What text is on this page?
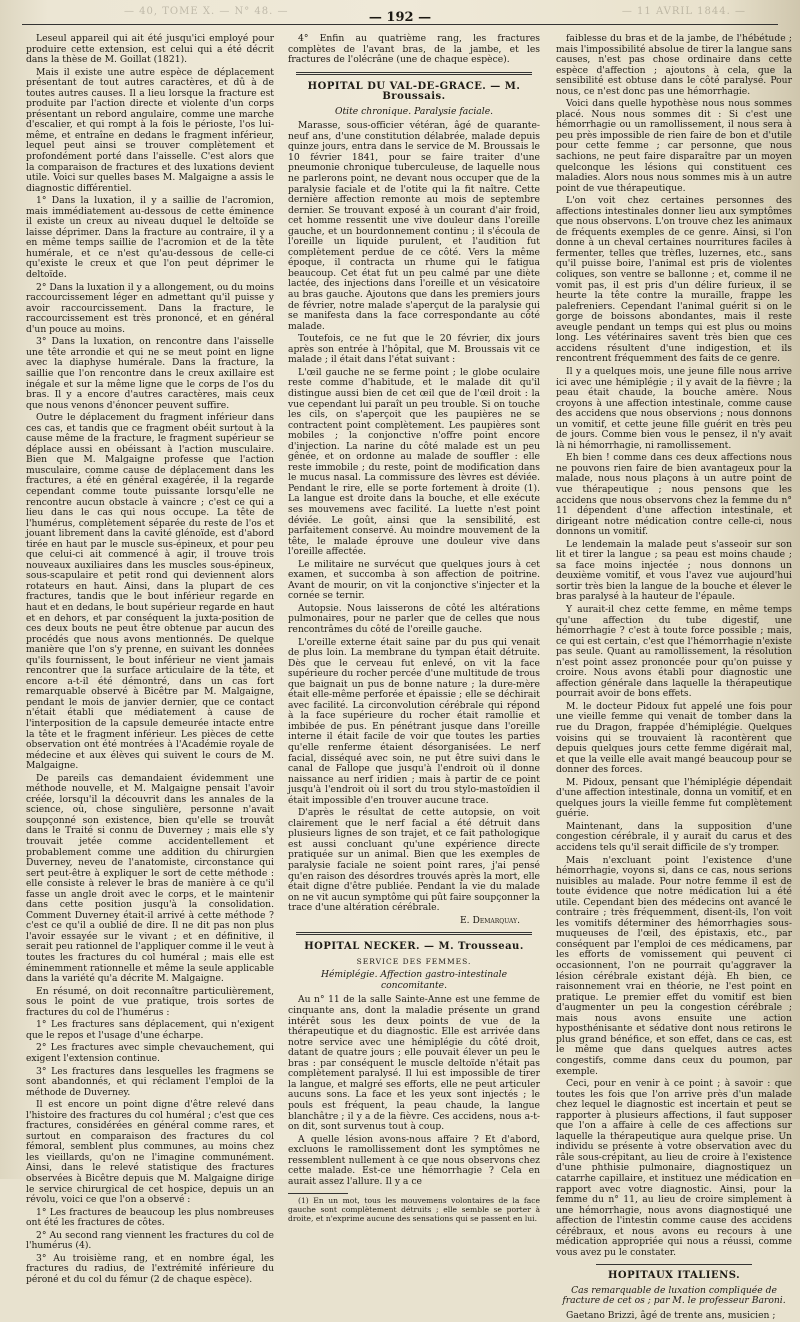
— 40, TOME X. — N° 48. —	— 192 —	— 11 AVRIL 1844. —

Leseul appareil qui ait été jusqu'ici employé pour produire cette extension, est celui qui a été décrit dans la thèse de M. Goillat (1821).

Mais il existe une autre espèce de déplacement présentant de tout autres caractères, et dû à de toutes autres causes. Il a lieu lorsque la fracture est produite par l'action directe et violente d'un corps présentant un rebord angulaire, comme une marche d'escalier, et qui rompt à la fois le périoste, l'os lui-même, et entraîne en dedans le fragment inférieur, lequel peut ainsi se trouver complètement et profondément porté dans l'aisselle. C'est alors que la comparaison de fractures et des luxations devient utile. Voici sur quelles bases M. Malgaigne a assis le diagnostic différentiel.

1° Dans la luxation, il y a saillie de l'acromion, mais immédiatement au-dessous de cette éminence il existe un creux au niveau duquel le deltoïde se laisse déprimer. Dans la fracture au contraire, il y a en même temps saillie de l'acromion et de la tête humérale, et ce n'est qu'au-dessous de celle-ci qu'existe le creux et que l'on peut déprimer le deltoïde.

2° Dans la luxation il y a allongement, ou du moins raccourcissement léger en admettant qu'il puisse y avoir raccourcissement. Dans la fracture, le raccourcissement est très prononcé, et en général d'un pouce au moins.

3° Dans la luxation, on rencontre dans l'aisselle une tête arrondie et qui ne se meut point en ligne avec la diaphyse humérale. Dans la fracture, la saillie que l'on rencontre dans le creux axillaire est inégale et sur la même ligne que le corps de l'os du bras. Il y a encore d'autres caractères, mais ceux que nous venons d'énoncer peuvent suffire.

Outre le déplacement du fragment inférieur dans ces cas, et tandis que ce fragment obéit surtout à la cause même de la fracture, le fragment supérieur se déplace aussi en obéissant à l'action musculaire. Bien que M. Malgaigne professe que l'action musculaire, comme cause de déplacement dans les fractures, a été en général exagérée, il la regarde cependant comme toute puissante lorsqu'elle ne rencontre aucun obstacle à vaincre ; c'est ce qui a lieu dans le cas qui nous occupe. La tête de l'humérus, complètement séparée du reste de l'os et jouant librement dans la cavité glénoïde, est d'abord tirée en haut par le muscle sus-épineux, et pour peu que celui-ci ait commencé à agir, il trouve trois nouveaux auxiliaires dans les muscles sous-épineux, sous-scapulaire et petit rond qui deviennent alors rotateurs en haut. Ainsi, dans la plupart de ces fractures, tandis que le bout inférieur regarde en haut et en dedans, le bout supérieur regarde en haut et en dehors, et par conséquent la juxta-position de ces deux bouts ne peut être obtenue par aucun des procédés que nous avons mentionnés. De quelque manière que l'on s'y prenne, en suivant les données qu'ils fournissent, le bout inférieur ne vient jamais rencontrer que la surface articulaire de la tête, et encore a-t-il été démontré, dans un cas fort remarquable observé à Bicêtre par M. Malgaigne, pendant le mois de janvier dernier, que ce contact n'était établi que médiatement à cause de l'interposition de la capsule demeurée intacte entre la tête et le fragment inférieur. Les pièces de cette observation ont été montrées à l'Académie royale de médecine et aux élèves qui suivent le cours de M. Malgaigne.

De pareils cas demandaient évidemment une méthode nouvelle, et M. Malgaigne pensait l'avoir créée, lorsqu'il la découvrit dans les annales de la science, où, chose singulière, personne n'avait soupçonné son existence, bien qu'elle se trouvât dans le Traité si connu de Duverney ; mais elle s'y trouvait jetée comme accidentellement et probablement comme une addition du chirurgien Duverney, neveu de l'anatomiste, circonstance qui sert peut-être à expliquer le sort de cette méthode : elle consiste à relever le bras de manière à ce qu'il fasse un angle droit avec le corps, et le maintenir dans cette position jusqu'à la consolidation. Comment Duverney était-il arrivé à cette méthode ? c'est ce qu'il a oublié de dire. Il ne dit pas non plus l'avoir essayée sur le vivant ; et en définitive, il serait peu rationnel de l'appliquer comme il le veut à toutes les fractures du col huméral ; mais elle est éminemment rationnelle et même la seule applicable dans la variété qu'a décrite M. Malgaigne.

En résumé, on doit reconnaître particulièrement, sous le point de vue pratique, trois sortes de fractures du col de l'humérus :

1° Les fractures sans déplacement, qui n'exigent que le repos et l'usage d'une écharpe.

2° Les fractures avec simple chevauchement, qui exigent l'extension continue.

3° Les fractures dans lesquelles les fragmens se sont abandonnés, et qui réclament l'emploi de la méthode de Duverney.

Il est encore un point digne d'être relevé dans l'histoire des fractures du col huméral ; c'est que ces fractures, considérées en général comme rares, et surtout en comparaison des fractures du col fémoral, semblent plus communes, au moins chez les vieillards, qu'on ne l'imagine communément. Ainsi, dans le relevé statistique des fractures observées à Bicêtre depuis que M. Malgaigne dirige le service chirurgical de cet hospice, depuis un an révolu, voici ce que l'on a observé :

1° Les fractures de beaucoup les plus nombreuses ont été les fractures de côtes.

2° Au second rang viennent les fractures du col de l'humérus (4).

3° Au troisième rang, et en nombre égal, les fractures du radius, de l'extrémité inférieure du péroné et du col du fémur (2 de chaque espèce).

4° Enfin au quatrième rang, les fractures complètes de l'avant bras, de la jambe, et les fractures de l'olécrâne (une de chaque espèce).

HOPITAL DU VAL-DE-GRACE. — M. Broussais.
Otite chronique. Paralysie faciale.

Marasse, sous-officier vétéran, âgé de quarante-neuf ans, d'une constitution délabrée, malade depuis quinze jours, entra dans le service de M. Broussais le 10 février 1841, pour se faire traiter d'une pneumonie chronique tuberculeuse, de laquelle nous ne parlerons point, ne devant nous occuper que de la paralysie faciale et de l'otite qui la fit naître. Cette dernière affection remonte au mois de septembre dernier. Se trouvant exposé à un courant d'air froid, cet homme ressentit une vive douleur dans l'oreille gauche, et un bourdonnement continu ; il s'écoula de l'oreille un liquide purulent, et l'audition fut complètement perdue de ce côté. Vers la même époque, il contracta un rhume qui le fatigua beaucoup. Cet état fut un peu calmé par une diète lactée, des injections dans l'oreille et un vésicatoire au bras gauche. Ajoutons que dans les premiers jours de février, notre malade s'aperçut de la paralysie qui se manifesta dans la face correspondante au côté malade.

Toutefois, ce ne fut que le 20 février, dix jours après son entrée à l'hôpital, que M. Broussais vit ce malade ; il était dans l'état suivant :

L'œil gauche ne se ferme point ; le globe oculaire reste comme d'habitude, et le malade dit qu'il distingue aussi bien de cet œil que de l'œil droit : la vue cependant lui paraît un peu trouble. Si on touche les cils, on s'aperçoit que les paupières ne se contractent point complètement. Les paupières sont mobiles ; la conjonctive n'offre point encore d'injection. La narine du côté malade est un peu gênée, et on ordonne au malade de souffler : elle reste immobile ; du reste, point de modification dans le mucus nasal. La commissure des lèvres est déviée. Pendant le rire, elle se porte fortement à droite (1). La langue est droite dans la bouche, et elle exécute ses mouvemens avec facilité. La luette n'est point déviée. Le goût, ainsi que la sensibilité, est parfaitement conservé. Au moindre mouvement de la tête, le malade éprouve une douleur vive dans l'oreille affectée.

Le militaire ne survécut que quelques jours à cet examen, et succomba à son affection de poitrine. Avant de mourir, on vit la conjonctive s'injecter et la cornée se ternir.

Autopsie. Nous laisserons de côté les altérations pulmonaires, pour ne parler que de celles que nous rencontrâmes du côté de l'oreille gauche.

L'oreille externe était saine par du pus qui venait de plus loin. La membrane du tympan était détruite. Dès que le cerveau fut enlevé, on vit la face supérieure du rocher percée d'une multitude de trous que baignait un pus de bonne nature ; la dure-mère était elle-même perforée et épaissie ; elle se déchirait avec facilité. La circonvolution cérébrale qui répond à la face supérieure du rocher était ramollie et imbibée de pus. En pénétrant jusque dans l'oreille interne il était facile de voir que toutes les parties qu'elle renferme étaient désorganisées. Le nerf facial, disséqué avec soin, ne put être suivi dans le canal de Fallope que jusqu'à l'endroit où il donne naissance au nerf iridien ; mais à partir de ce point jusqu'à l'endroit où il sort du trou stylo-mastoïdien il était impossible d'en trouver aucune trace.

D'après le résultat de cette autopsie, on voit clairement que le nerf facial a été détruit dans plusieurs lignes de son trajet, et ce fait pathologique est aussi concluant qu'une expérience directe pratiquée sur un animal. Bien que les exemples de paralysie faciale ne soient point rares, j'ai pensé qu'en raison des désordres trouvés après la mort, elle était digne d'être publiée. Pendant la vie du malade on ne vit aucun symptôme qui pût faire soupçonner la trace d'une altération cérébrale.

E. Demarquay.
HOPITAL NECKER. — M. Trousseau.
SERVICE DES FEMMES.
Hémiplégie. Affection gastro-intestinale concomitante.

Au n° 11 de la salle Sainte-Anne est une femme de cinquante ans, dont la maladie présente un grand intérêt sous les deux points de vue de la thérapeutique et du diagnostic. Elle est arrivée dans notre service avec une hémiplégie du côté droit, datant de quatre jours ; elle pouvait élever un peu le bras : par conséquent le muscle deltoïde n'était pas complètement paralysé. Il lui est impossible de tirer la langue, et malgré ses efforts, elle ne peut articuler aucuns sons. La face et les yeux sont injectés ; le pouls est fréquent, la peau chaude, la langue blanchâtre ; il y a de la fièvre. Ces accidens, nous a-t-on dit, sont survenus tout à coup.

A quelle lésion avons-nous affaire ? Et d'abord, excluons le ramollissement dont les symptômes ne ressemblent nullement à ce que nous observons chez cette malade. Est-ce une hémorrhagie ? Cela en aurait assez l'allure. Il y a ce

(1) En un mot, tous les mouvemens volontaires de la face gauche sont complètement détruits ; elle semble se porter à droite, et n'exprime aucune des sensations qui se passent en lui.

faiblesse du bras et de la jambe, de l'hébétude ; mais l'impossibilité absolue de tirer la langue sans causes, n'est pas chose ordinaire dans cette espèce d'affection ; ajoutons à cela, que la sensibilité est obtuse dans le côté paralysé. Pour nous, ce n'est donc pas une hémorrhagie.

Voici dans quelle hypothèse nous nous sommes placé. Nous nous sommes dit : Si c'est une hémorrhagie ou un ramollissement, il nous sera à peu près impossible de rien faire de bon et d'utile pour cette femme ; car personne, que nous sachions, ne peut faire disparaître par un moyen quelconque les lésions qui constituent ces maladies. Alors nous nous sommes mis à un autre point de vue thérapeutique.

L'on voit chez certaines personnes des affections intestinales donner lieu aux symptômes que nous observons. L'on trouve chez les animaux de fréquents exemples de ce genre. Ainsi, si l'on donne à un cheval certaines nourritures faciles à fermenter, telles que trèfles, luzernes, etc., sans qu'il puisse boire, l'animal est pris de violentes coliques, son ventre se ballonne ; et, comme il ne vomit pas, il est pris d'un délire furieux, il se heurte la tête contre la muraille, frappe les palefreniers. Cependant l'animal guérit si on le gorge de boissons abondantes, mais il reste aveugle pendant un temps qui est plus ou moins long. Les vétérinaires savent très bien que ces accidens résultent d'une indigestion, et ils rencontrent fréquemment des faits de ce genre.

Il y a quelques mois, une jeune fille nous arrive ici avec une hémiplégie ; il y avait de la fièvre ; la peau était chaude, la bouche amère. Nous croyons à une affection intestinale, comme cause des accidens que nous observions ; nous donnons un vomitif, et cette jeune fille guérit en très peu de jours. Comme bien vous le pensez, il n'y avait là ni hémorrhagie, ni ramollissement.

Eh bien ! comme dans ces deux affections nous ne pouvons rien faire de bien avantageux pour la malade, nous nous plaçons à un autre point de vue thérapeutique ; nous pensons que les accidens que nous observons chez la femme du n° 11 dépendent d'une affection intestinale, et dirigeant notre médication contre celle-ci, nous donnons un vomitif.

Le lendemain la malade peut s'asseoir sur son lit et tirer la langue ; sa peau est moins chaude ; sa face moins injectée ; nous donnons un deuxième vomitif, et vous l'avez vue aujourd'hui sortir très bien la langue de la bouche et élever le bras paralysé à la hauteur de l'épaule.

Y aurait-il chez cette femme, en même temps qu'une affection du tube digestif, une hémorrhagie ? c'est à toute force possible ; mais, ce qui est certain, c'est que l'hémorrhagie n'existe pas seule. Quant au ramollissement, la résolution n'est point assez prononcée pour qu'on puisse y croire. Nous avons établi pour diagnostic une affection générale dans laquelle la thérapeutique pourrait avoir de bons effets.

M. le docteur Pidoux fut appelé une fois pour une vieille femme qui venait de tomber dans la rue du Dragon, frappée d'hémiplégie. Quelques voisins qui se trouvaient là racontèrent que depuis quelques jours cette femme digérait mal, et que la veille elle avait mangé beaucoup pour se donner des forces.

M. Pidoux, pensant que l'hémiplégie dépendait d'une affection intestinale, donna un vomitif, et en quelques jours la vieille femme fut complètement guérie.

Maintenant, dans la supposition d'une congestion cérébrale, il y aurait du carus et des accidens tels qu'il serait difficile de s'y tromper.

Mais n'excluant point l'existence d'une hémorrhagie, voyons si, dans ce cas, nous serions nuisibles au malade. Pour notre femme il est de toute évidence que notre médication lui a été utile. Cependant bien des médecins ont avancé le contraire ; très fréquemment, disent-ils, l'on voit les vomitifs déterminer des hémorrhagies sous-muqueuses de l'œil, des épistaxis, etc., par conséquent par l'emploi de ces médicamens, par les efforts de vomissement qui peuvent ci occasionnent, l'on ne pourrait qu'aggraver la lésion cérébrale existant déjà. Eh bien, ce raisonnement vrai en théorie, ne l'est point en pratique. Le premier effet du vomitif est bien d'augmenter un peu la congestion cérébrale ; mais nous avons ensuite une action hyposthénisante et sédative dont nous retirons le plus grand bénéfice, et son effet, dans ce cas, est le même que dans quelques autres actes congestifs, comme dans ceux du poumon, par exemple.

Ceci, pour en venir à ce point ; à savoir : que toutes les fois que l'on arrive près d'un malade chez lequel le diagnostic est incertain et peut se rapporter à plusieurs affections, il faut supposer que l'on a affaire à celle de ces affections sur laquelle la thérapeutique aura quelque prise. Un individu se présente à votre observation avec du râle sous-crépitant, au lieu de croire à l'existence d'une phthisie pulmonaire, diagnostiquez un catarrhe capillaire, et instituez une médication en rapport avec votre diagnostic. Ainsi, pour la femme du n° 11, au lieu de croire simplement à une hémorrhagie, nous avons diagnostiqué une affection de l'intestin comme cause des accidens cérébraux, et nous avons eu recours à une médication appropriée qui nous a réussi, comme vous avez pu le constater.

HOPITAUX ITALIENS.
Cas remarquable de luxation compliquée de fracture de cet os ; par M. le professeur Baroni.

Gaetano Brizzi, âgé de trente ans, musicien ;
